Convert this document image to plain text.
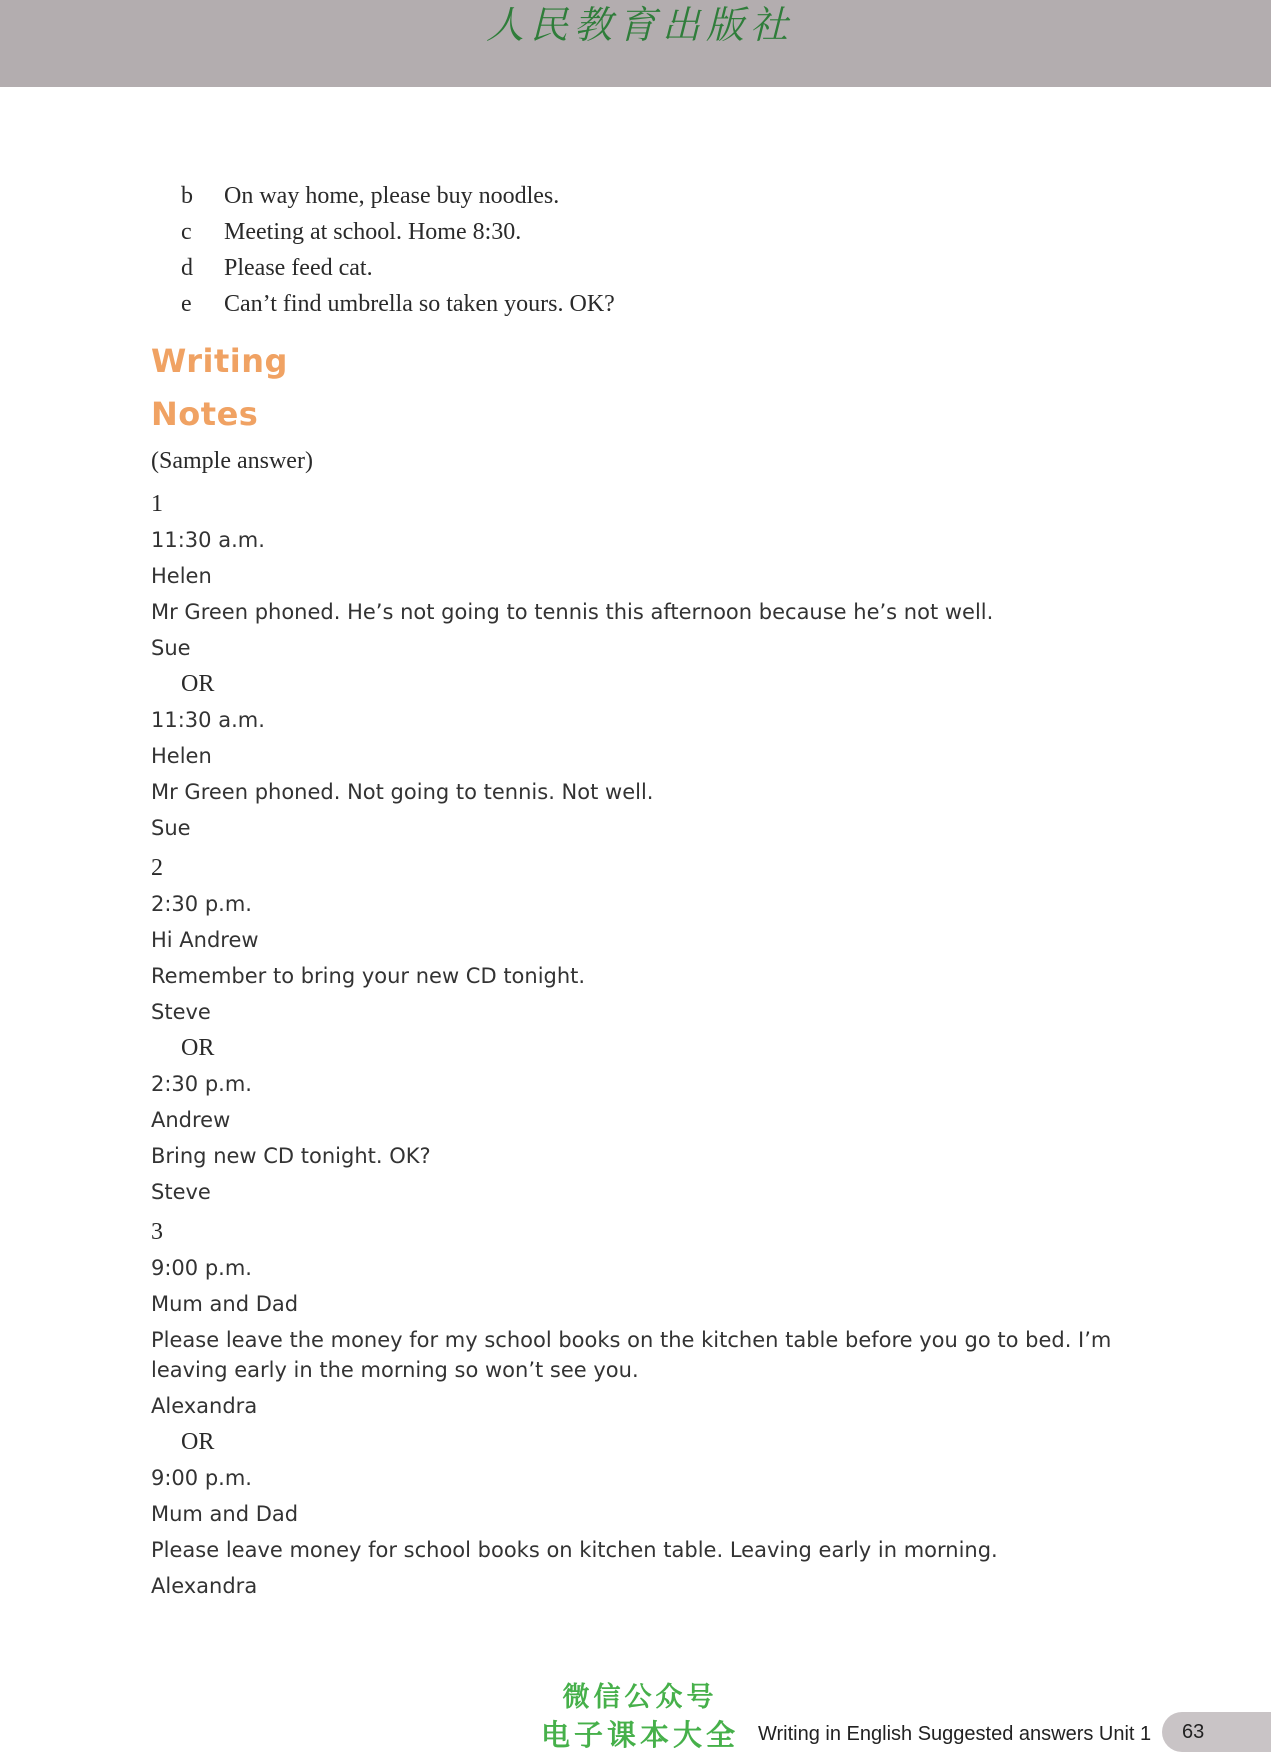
人民教育出版社
b	On way home, please buy noodles.
c	Meeting at school. Home 8:30.
d	Please feed cat.
e	Can’t find umbrella so taken yours. OK?
Writing
Notes
(Sample answer)
1
11:30 a.m.
Helen
Mr Green phoned. He’s not going to tennis this afternoon because he’s not well.
Sue
OR
11:30 a.m.
Helen
Mr Green phoned. Not going to tennis. Not well.
Sue
2
2:30 p.m.
Hi Andrew
Remember to bring your new CD tonight.
Steve
OR
2:30 p.m.
Andrew
Bring new CD tonight. OK?
Steve
3
9:00 p.m.
Mum and Dad
Please leave the money for my school books on the kitchen table before you go to bed. I’m leaving early in the morning so won’t see you.
Alexandra
OR
9:00 p.m.
Mum and Dad
Please leave money for school books on kitchen table. Leaving early in morning.
Alexandra
微信公众号
电子课本大全 Writing in English Suggested answers Unit 1 63
